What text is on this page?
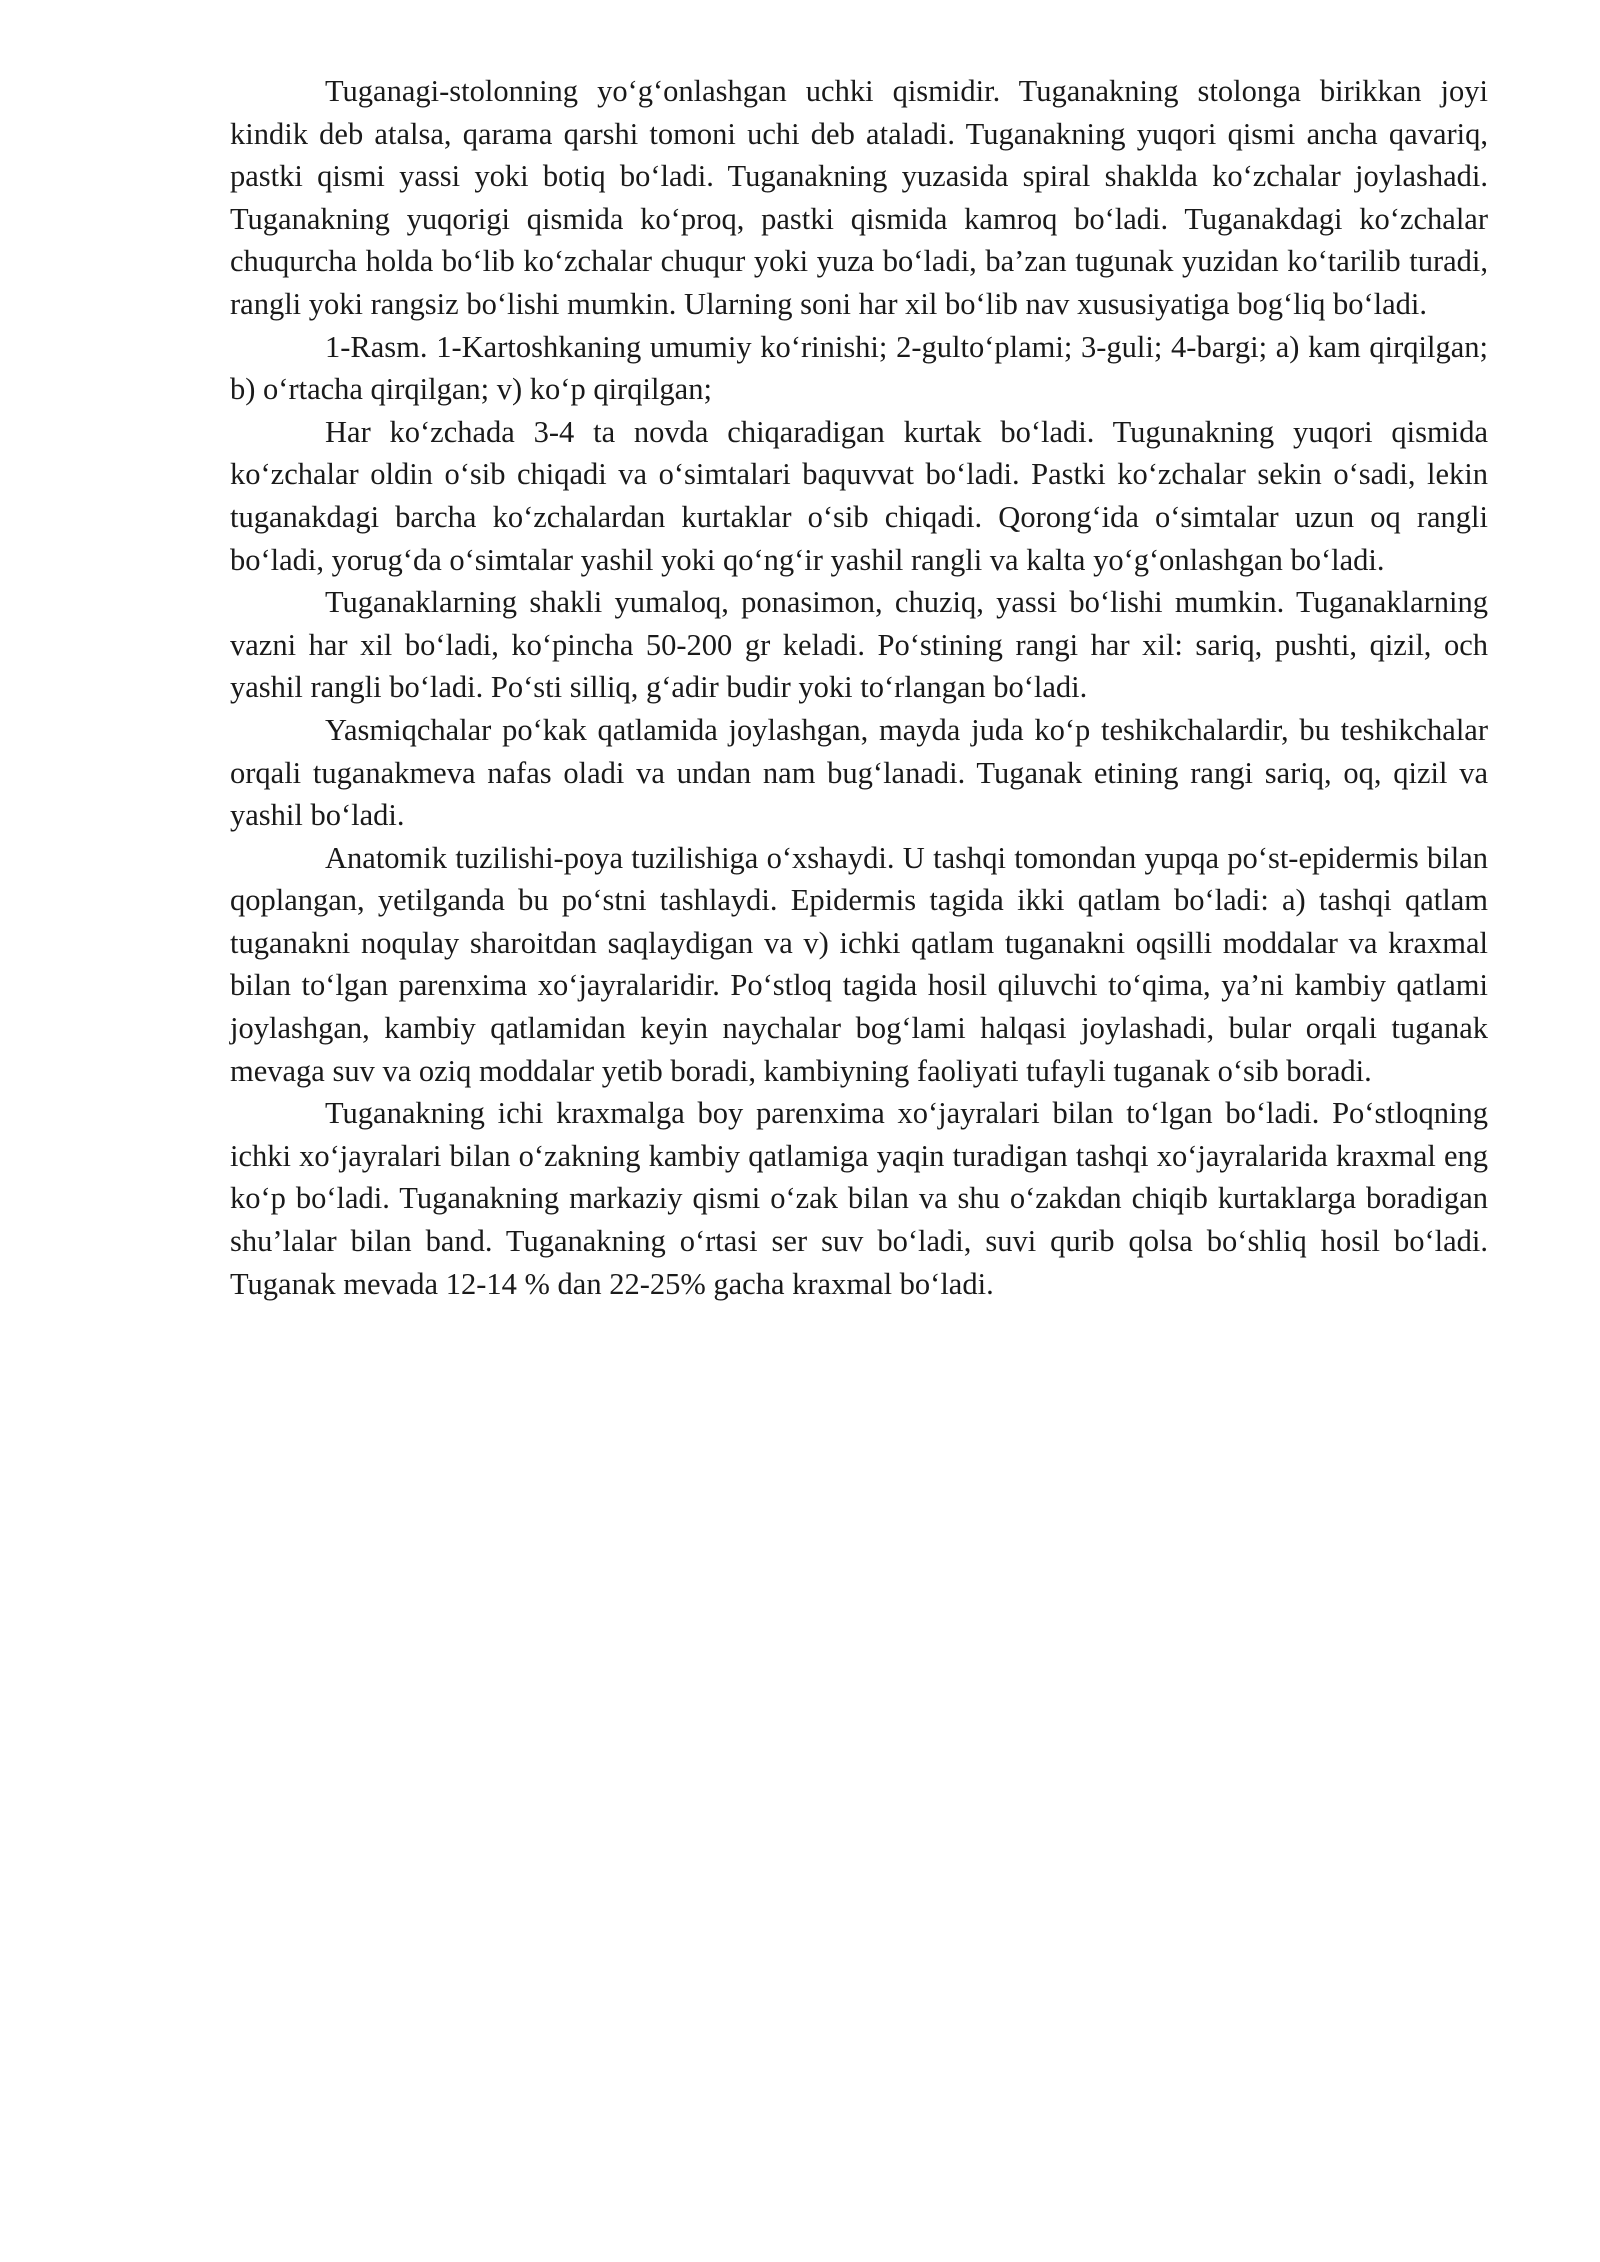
Tuganagi-stolonning yo‘g‘onlashgan uchki qismidir. Tuganakning stolonga birikkan joyi kindik deb atalsa, qarama qarshi tomoni uchi deb ataladi. Tuganakning yuqori qismi ancha qavariq, pastki qismi yassi yoki botiq bo‘ladi. Tuganakning yuzasida spiral shaklda ko‘zchalar joylashadi. Tuganakning yuqorigi qismida ko‘proq, pastki qismida kamroq bo‘ladi. Tuganakdagi ko‘zchalar chuqurcha holda bo‘lib ko‘zchalar chuqur yoki yuza bo‘ladi, ba’zan tugunak yuzidan ko‘tarilib turadi, rangli yoki rangsiz bo‘lishi mumkin. Ularning soni har xil bo‘lib nav xususiyatiga bog‘liq bo‘ladi.

1-Rasm. 1-Kartoshkaning umumiy ko‘rinishi; 2-gulto‘plami; 3-guli; 4-bargi; a) kam qirqilgan; b) o‘rtacha qirqilgan; v) ko‘p qirqilgan;

Har ko‘zchada 3-4 ta novda chiqaradigan kurtak bo‘ladi. Tugunakning yuqori qismida ko‘zchalar oldin o‘sib chiqadi va o‘simtalari baquvvat bo‘ladi. Pastki ko‘zchalar sekin o‘sadi, lekin tuganakdagi barcha ko‘zchalardan kurtaklar o‘sib chiqadi. Qorong‘ida o‘simtalar uzun oq rangli bo‘ladi, yorug‘da o‘simtalar yashil yoki qo‘ng‘ir yashil rangli va kalta yo‘g‘onlashgan bo‘ladi.

Tuganaklarning shakli yumaloq, ponasimon, chuziq, yassi bo‘lishi mumkin. Tuganaklarning vazni har xil bo‘ladi, ko‘pincha 50-200 gr keladi. Po‘stining rangi har xil: sariq, pushti, qizil, och yashil rangli bo‘ladi. Po‘sti silliq, g‘adir budir yoki to‘rlangan bo‘ladi.

Yasmiqchalar po‘kak qatlamida joylashgan, mayda juda ko‘p teshikchalardir, bu teshikchalar orqali tuganakmeva nafas oladi va undan nam bug‘lanadi. Tuganak etining rangi sariq, oq, qizil va yashil bo‘ladi.

Anatomik tuzilishi-poya tuzilishiga o‘xshaydi. U tashqi tomondan yupqa po‘st-epidermis bilan qoplangan, yetilganda bu po‘stni tashlaydi. Epidermis tagida ikki qatlam bo‘ladi: a) tashqi qatlam tuganakni noqulay sharoitdan saqlaydigan va v) ichki qatlam tuganakni oqsilli moddalar va kraxmal bilan to‘lgan parenxima xo‘jayralaridir. Po‘stloq tagida hosil qiluvchi to‘qima, ya’ni kambiy qatlami joylashgan, kambiy qatlamidan keyin naychalar bog‘lami halqasi joylashadi, bular orqali tuganak mevaga suv va oziq moddalar yetib boradi, kambiyning faoliyati tufayli tuganak o‘sib boradi.

Tuganakning ichi kraxmalga boy parenxima xo‘jayralari bilan to‘lgan bo‘ladi. Po‘stloqning ichki xo‘jayralari bilan o‘zakning kambiy qatlamiga yaqin turadigan tashqi xo‘jayralarida kraxmal eng ko‘p bo‘ladi. Tuganakning markaziy qismi o‘zak bilan va shu o‘zakdan chiqib kurtaklarga boradigan shu’lalar bilan band. Tuganakning o‘rtasi ser suv bo‘ladi, suvi qurib qolsa bo‘shliq hosil bo‘ladi. Tuganak mevada 12-14 % dan 22-25% gacha kraxmal bo‘ladi.
